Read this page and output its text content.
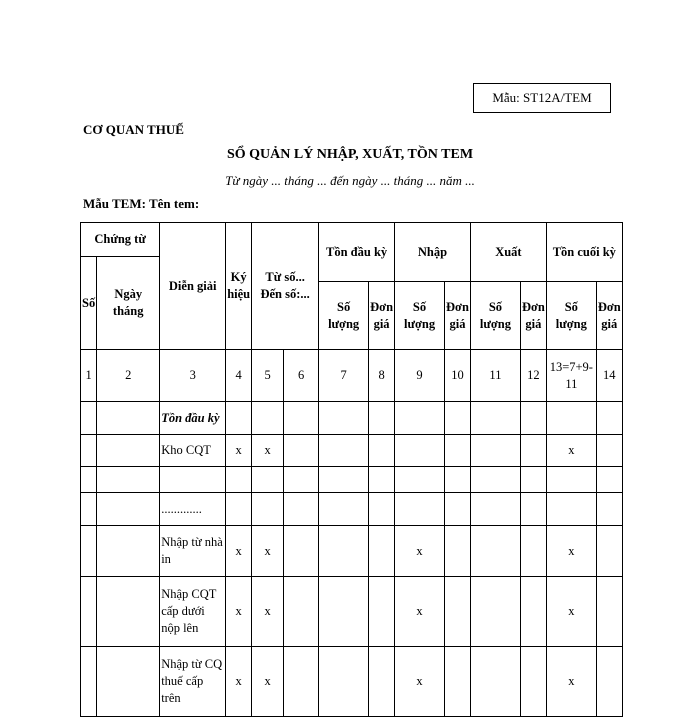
Mẫu: ST12A/TEM
CƠ QUAN THUẾ
SỔ QUẢN LÝ NHẬP, XUẤT, TỒN TEM
Từ ngày ... tháng ... đến ngày ... tháng ... năm ...
Mẫu TEM: Tên tem:
Chứng từ		Diễn giải	Ký hiệu	Từ số... Đến số:...		Tồn đầu kỳ		Nhập		Xuất		Tồn cuối kỳ	
Số	Ngày tháng												
						Số lượng	Đơn giá	Số lượng	Đơn giá	Số lượng	Đơn giá	Số lượng	Đơn giá
1	2	3	4	5	6	7	8	9	10	11	12	13=7+9-11	14
		Tồn đầu kỳ											
		Kho CQT	x	x								x	

		.............											
		Nhập từ nhà in	x	x				x				x	
		Nhập CQT cấp dưới nộp lên	x	x				x				x	
		Nhập từ CQ thuế cấp trên	x	x				x				x	
